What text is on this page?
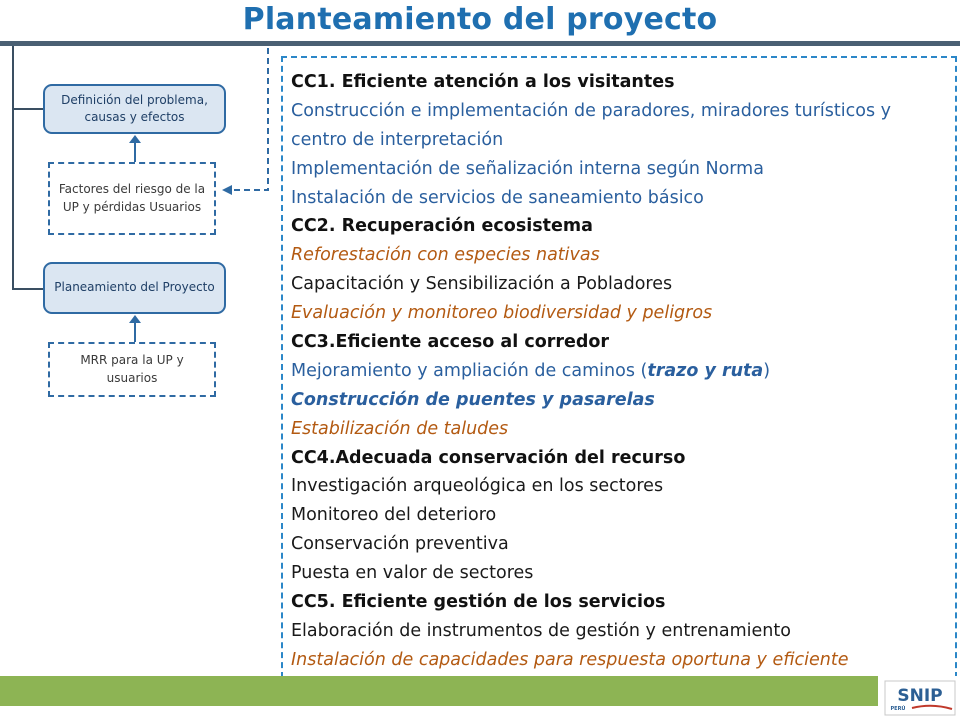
Planteamiento del proyecto
Definición del problema, causas y efectos
Factores del riesgo de la UP y pérdidas Usuarios
Planeamiento del Proyecto
MRR para la UP y usuarios
CC1. Eficiente atención a los visitantes
Construcción e implementación de paradores, miradores turísticos y centro de interpretación
Implementación de señalización interna según Norma
Instalación de servicios de saneamiento básico
CC2. Recuperación ecosistema
Reforestación con especies nativas
Capacitación y Sensibilización a Pobladores
Evaluación y monitoreo biodiversidad y peligros
CC3.Eficiente acceso al corredor
Mejoramiento y ampliación de caminos (trazo y ruta)
Construcción de puentes y pasarelas
Estabilización de taludes
CC4.Adecuada conservación del recurso
Investigación arqueológica en los sectores
Monitoreo del deterioro
Conservación preventiva
Puesta en valor de sectores
CC5. Eficiente gestión de los servicios
Elaboración de instrumentos de gestión y entrenamiento
Instalación de capacidades para respuesta oportuna y eficiente
SNIP
PERÚ
